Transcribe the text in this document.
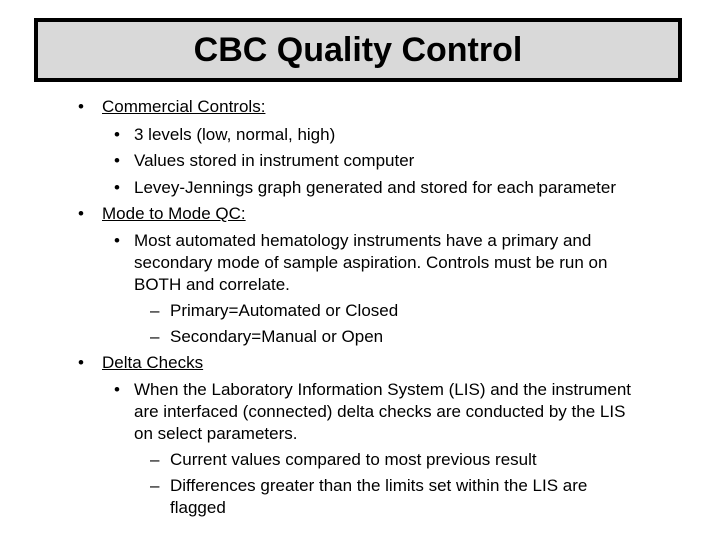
CBC Quality Control
• Commercial Controls:
• 3 levels (low, normal, high)
• Values stored in instrument computer
• Levey-Jennings graph generated and stored for each parameter
• Mode to Mode QC:
• Most automated hematology instruments have a primary and
secondary mode of sample aspiration. Controls must be run on
BOTH and correlate.
– Primary=Automated or Closed
– Secondary=Manual or Open
• Delta Checks
• When the Laboratory Information System (LIS) and the instrument
are interfaced (connected) delta checks are conducted by the LIS
on select parameters.
– Current values compared to most previous result
– Differences greater than the limits set within the LIS are
flagged
